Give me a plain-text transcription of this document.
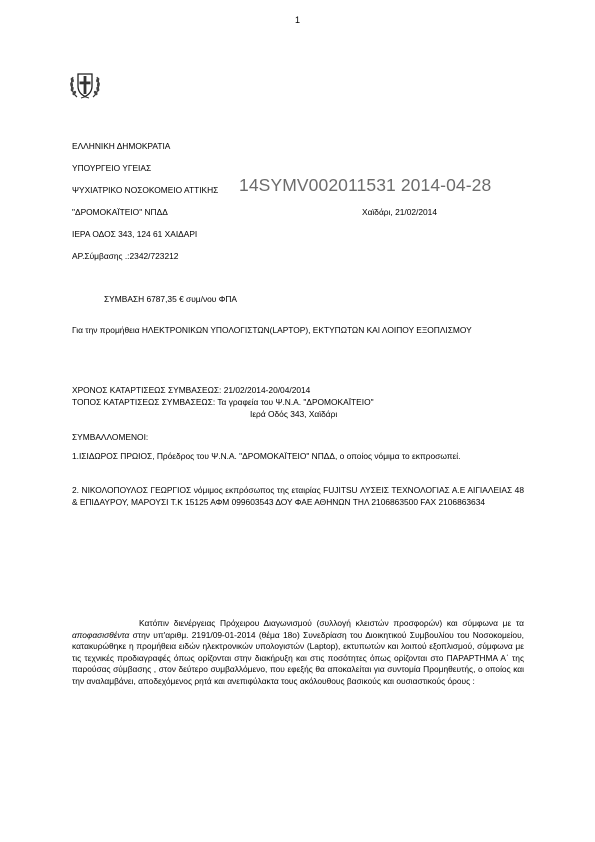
1
ΕΛΛΗΝΙΚΗ ΔΗΜΟΚΡΑΤΙΑ
ΥΠΟΥΡΓΕΙΟ ΥΓΕΙΑΣ
ΨΥΧΙΑΤΡΙΚΟ ΝΟΣΟΚΟΜΕΙΟ ΑΤΤΙΚΗΣ
"ΔΡΟΜΟΚΑΪΤΕΙΟ" ΝΠΔΔ
ΙΕΡΑ ΟΔΟΣ 343, 124 61 ΧΑΙΔΑΡΙ
ΑΡ.Σύμβασης .:2342/723212
Χαϊδάρι, 21/02/2014
14SYMV002011531 2014-04-28
ΣΥΜΒΑΣΗ 6787,35 € συμ/νου ΦΠΑ
Για την προμήθεια ΗΛΕΚΤΡΟΝΙΚΩΝ ΥΠΟΛΟΓΙΣΤΩΝ(LAPTOP), ΕΚΤΥΠΩΤΩΝ ΚΑΙ ΛΟΙΠΟΥ ΕΞΟΠΛΙΣΜΟΥ
ΧΡΟΝΟΣ ΚΑΤΑΡΤΙΣΕΩΣ ΣΥΜΒΑΣΕΩΣ: 21/02/2014-20/04/2014
ΤΟΠΟΣ ΚΑΤΑΡΤΙΣΕΩΣ ΣΥΜΒΑΣΕΩΣ: Τα γραφεία του Ψ.Ν.Α. "ΔΡΟΜΟΚΑΪΤΕΙΟ"
Ιερά Οδός 343, Χαϊδάρι
ΣΥΜΒΑΛΛΟΜΕΝΟΙ:
1.ΙΣΙΔΩΡΟΣ ΠΡΩΙΟΣ, Πρόεδρος του Ψ.Ν.Α. "ΔΡΟΜΟΚΑΪΤΕΙΟ" ΝΠΔΔ, ο οποίος νόμιμα το εκπροσωπεί.
2. ΝΙΚΟΛΟΠΟΥΛΟΣ ΓΕΩΡΓΙΟΣ νόμιμος εκπρόσωπος της εταιρίας FUJITSU ΛΥΣΕΙΣ ΤΕΧΝΟΛΟΓΙΑΣ Α.Ε ΑΙΓΙΑΛΕΙΑΣ 48 & ΕΠΙΔΑΥΡΟΥ, ΜΑΡΟΥΣΙ Τ.Κ 15125 ΑΦΜ 099603543 ΔΟΥ ΦΑΕ ΑΘΗΝΩΝ ΤΗΛ 2106863500 FAX 2106863634
Κατόπιν διενέργειας Πρόχειρου Διαγωνισμού (συλλογή κλειστών προσφορών) και σύμφωνα με τα αποφασισθέντα στην υπ'αριθμ. 2191/09-01-2014 (θέμα 18ο) Συνεδρίαση του Διοικητικού Συμβουλίου του Νοσοκομείου, κατακυρώθηκε η προμήθεια ειδών ηλεκτρονικών υπολογιστών (Laptop), εκτυπωτών και λοιπού εξοπλισμού, σύμφωνα με τις τεχνικές προδιαγραφές όπως ορίζονται στην διακήρυξη και στις ποσότητες όπως ορίζονται στο ΠΑΡΑΡΤΗΜΑ Α΄ της παρούσας σύμβασης , στον δεύτερο συμβαλλόμενο, που εφεξής θα αποκαλείται για συντομία Προμηθευτής, ο οποίος και την αναλαμβάνει, αποδεχόμενος ρητά και ανεπιφύλακτα τους ακόλουθους βασικούς και ουσιαστικούς όρους :
